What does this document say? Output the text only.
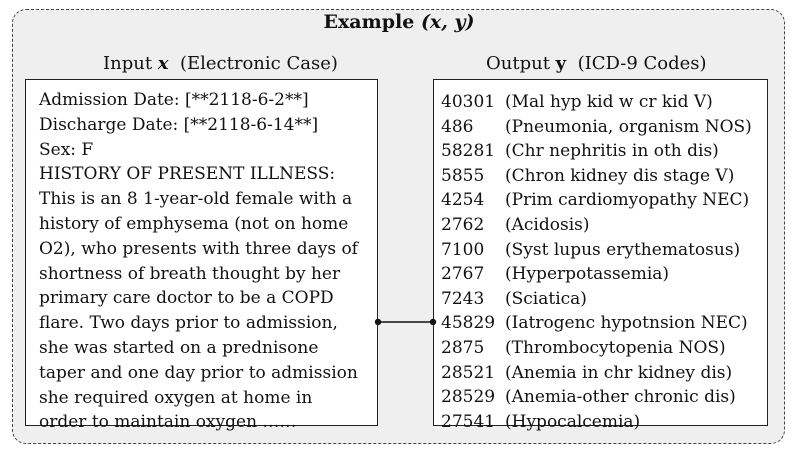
Example (x, y)
Input x (Electronic Case)	Output y (ICD-9 Codes)
Admission Date: [**2118-6-2**]
Discharge Date: [**2118-6-14**]
Sex: F
HISTORY OF PRESENT ILLNESS:
This is an 8 1-year-old female with a
history of emphysema (not on home
O2), who presents with three days of
shortness of breath thought by her
primary care doctor to be a COPD
flare. Two days prior to admission,
she was started on a prednisone
taper and one day prior to admission
she required oxygen at home in
order to maintain oxygen ……
40301 (Mal hyp kid w cr kid V)
486	(Pneumonia, organism NOS)
58281 (Chr nephritis in oth dis)
5855	(Chron kidney dis stage V)
4254	(Prim cardiomyopathy NEC)
2762	(Acidosis)
7100	(Syst lupus erythematosus)
2767	(Hyperpotassemia)
7243	(Sciatica)
45829 (Iatrogenc hypotnsion NEC)
2875	(Thrombocytopenia NOS)
28521 (Anemia in chr kidney dis)
28529 (Anemia-other chronic dis)
27541 (Hypocalcemia)
